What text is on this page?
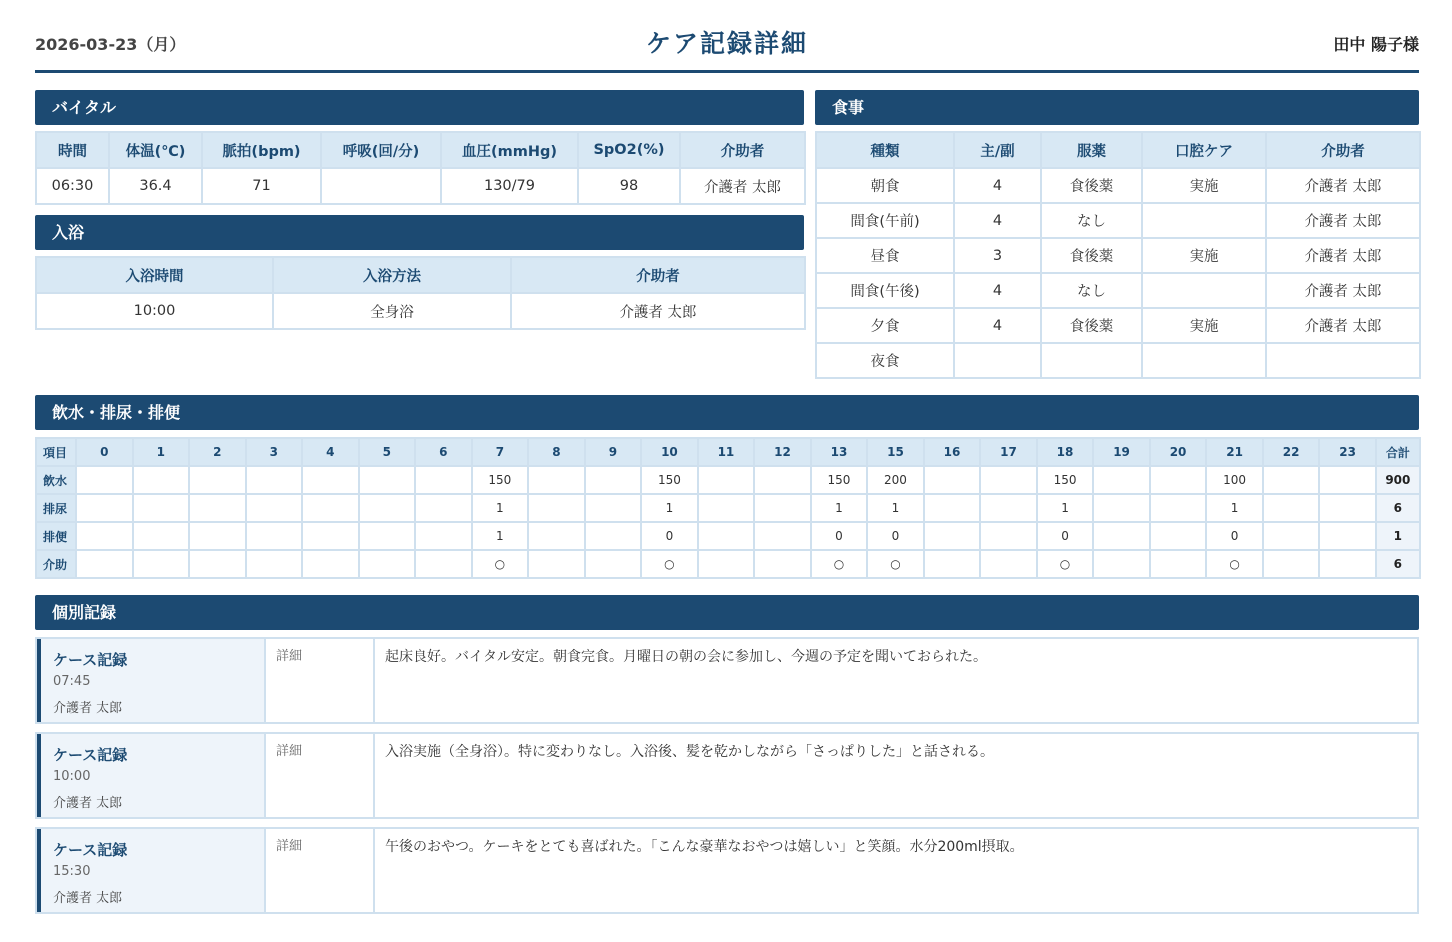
2026-03-23（月）	ケア記録詳細	田中 陽子様
バイタル
時間	体温(℃)	脈拍(bpm)	呼吸(回/分)	血圧(mmHg)	SpO2(%)	介助者
06:30	36.4	71		130/79	98	介護者 太郎
入浴
入浴時間	入浴方法	介助者
10:00	全身浴	介護者 太郎
食事
種類	主/副	服薬	口腔ケア	介助者
朝食	4	食後薬	実施	介護者 太郎
間食(午前)	4	なし		介護者 太郎
昼食	3	食後薬	実施	介護者 太郎
間食(午後)	4	なし		介護者 太郎
夕食	4	食後薬	実施	介護者 太郎
夜食				
飲水・排尿・排便
項目	0	1	2	3	4	5	6	7	8	9	10	11	12	13	15	16	17	18	19	20	21	22	23	合計
飲水								150			150			150	200			150			100			900
排尿								1			1			1	1			1			1			6
排便								1			0			0	0			0			0			1
介助								○			○			○	○			○			○			6
個別記録
ケース記録
07:45
介護者 太郎
詳細	起床良好。バイタル安定。朝食完食。月曜日の朝の会に参加し、今週の予定を聞いておられた。
ケース記録
10:00
介護者 太郎
詳細	入浴実施（全身浴）。特に変わりなし。入浴後、髪を乾かしながら「さっぱりした」と話される。
ケース記録
15:30
介護者 太郎
詳細	午後のおやつ。ケーキをとても喜ばれた。「こんな豪華なおやつは嬉しい」と笑顔。水分200ml摂取。
